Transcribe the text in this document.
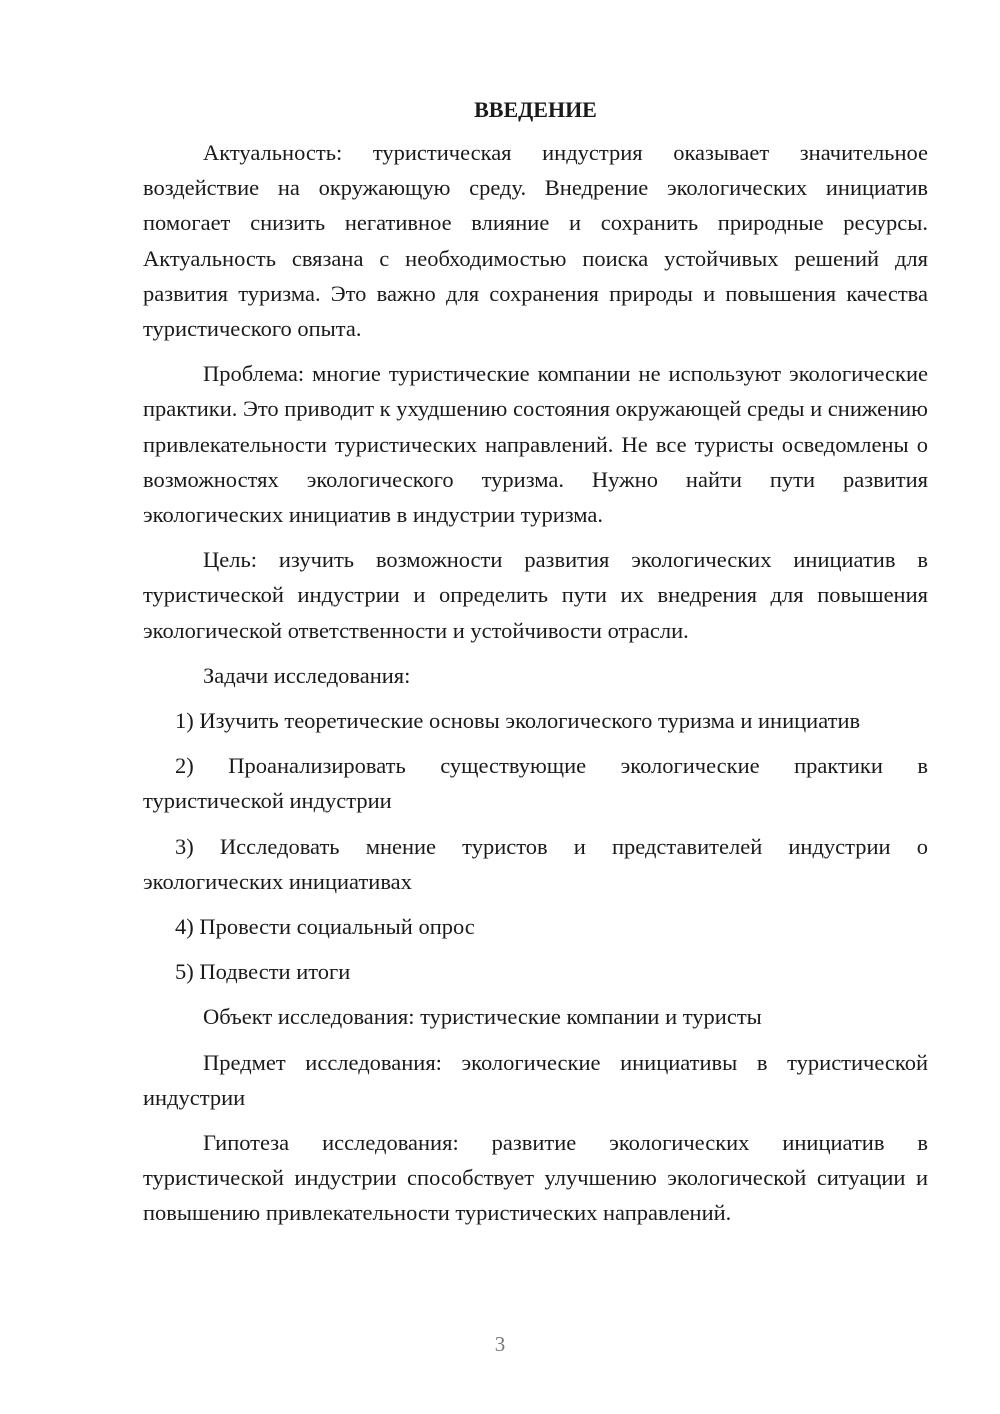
ВВЕДЕНИЕ

Актуальность: туристическая индустрия оказывает значительное воздействие на окружающую среду. Внедрение экологических инициатив помогает снизить негативное влияние и сохранить природные ресурсы. Актуальность связана с необходимостью поиска устойчивых решений для развития туризма. Это важно для сохранения природы и повышения качества туристического опыта.

Проблема: многие туристические компании не используют экологические практики. Это приводит к ухудшению состояния окружающей среды и снижению привлекательности туристических направлений. Не все туристы осведомлены о возможностях экологического туризма. Нужно найти пути развития экологических инициатив в индустрии туризма.

Цель: изучить возможности развития экологических инициатив в туристической индустрии и определить пути их внедрения для повышения экологической ответственности и устойчивости отрасли.

Задачи исследования:

1) Изучить теоретические основы экологического туризма и инициатив

2) Проанализировать существующие экологические практики в туристической индустрии

3) Исследовать мнение туристов и представителей индустрии о экологических инициативах

4) Провести социальный опрос

5) Подвести итоги

Объект исследования: туристические компании и туристы

Предмет исследования: экологические инициативы в туристической индустрии

Гипотеза исследования: развитие экологических инициатив в туристической индустрии способствует улучшению экологической ситуации и повышению привлекательности туристических направлений.

3
